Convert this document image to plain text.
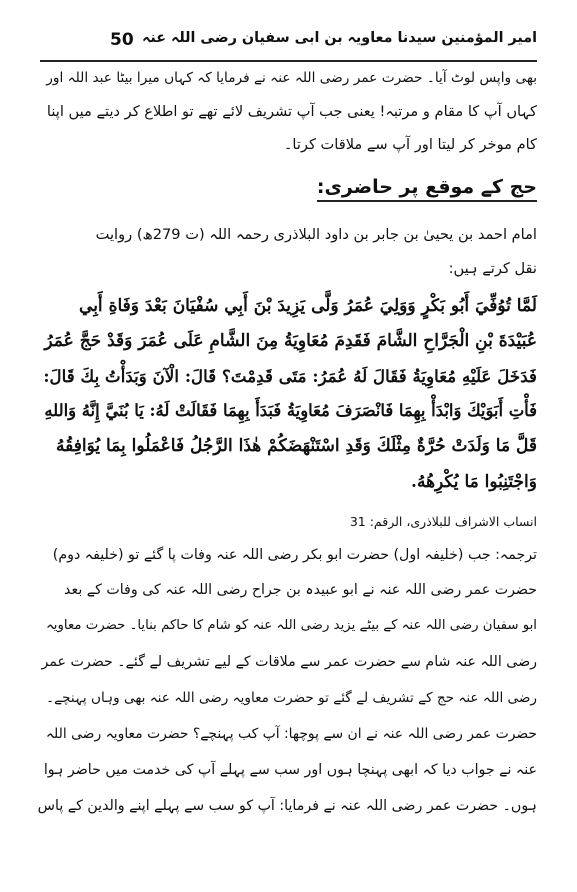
50 امیر المؤمنین سیدنا معاویہ بن ابی سفیان رضی اللہ عنہ
بھی واپس لوٹ آیا۔ حضرت عمر رضی اللہ عنہ نے فرمایا کہ کہاں میرا بیٹا عبد اللہ اور
کہاں آپ کا مقام و مرتبہ! یعنی جب آپ تشریف لائے تھے تو اطلاع کر دیتے میں اپنا
کام موخر کر لیتا اور آپ سے ملاقات کرتا۔
حج کے موقع پر حاضری:
امام احمد بن یحییٰ بن جابر بن داود البلاذری رحمہ اللہ (ت 279ھ) روایت
نقل کرتے ہیں:
لَمَّا تُوُفِّيَ أَبُو بَكْرٍ وَوَلِيَ عُمَرُ وَلَّى يَزِيدَ بْنَ أَبِي سُفْيَانَ بَعْدَ وَفَاةِ أَبِي
عُبَيْدَةَ بْنِ الْجَرَّاحِ الشَّامَ فَقَدِمَ مُعَاوِيَةُ مِنَ الشَّامِ عَلَى عُمَرَ وَقَدْ حَجَّ عُمَرُ
فَدَخَلَ عَلَيْهِ مُعَاوِيَةُ فَقَالَ لَهُ عُمَرُ: مَتَى قَدِمْتَ؟ قَالَ: الْآنَ وَبَدَأْتُ بِكَ قَالَ:
فَأْتِ أَبَوَيْكَ وَابْدَأْ بِهِمَا فَانْصَرَفَ مُعَاوِيَةُ فَبَدَأَ بِهِمَا فَقَالَتْ لَهُ: يَا بُنَيَّ إِنَّهُ وَاللهِ
قَلَّ مَا وَلَدَتْ حُرَّةٌ مِثْلَكَ وَقَدِ اسْتَنْهَضَكُمْ هٰذَا الرَّجُلُ فَاعْمَلُوا بِمَا يُوَافِقُهُ
وَاجْتَنِبُوا مَا يُكْرِهُهُ.
انساب الاشراف للبلاذری، الرقم: 31
ترجمہ: جب (خلیفہ اول) حضرت ابو بکر رضی اللہ عنہ وفات پا گئے تو (خلیفہ دوم)
حضرت عمر رضی اللہ عنہ نے ابو عبیدہ بن جراح رضی اللہ عنہ کی وفات کے بعد
ابو سفیان رضی اللہ عنہ کے بیٹے یزید رضی اللہ عنہ کو شام کا حاکم بنایا۔ حضرت معاویہ
رضی اللہ عنہ شام سے حضرت عمر سے ملاقات کے لیے تشریف لے گئے۔ حضرت عمر
رضی اللہ عنہ حج کے تشریف لے گئے تو حضرت معاویہ رضی اللہ عنہ بھی وہاں پہنچے۔
حضرت عمر رضی اللہ عنہ نے ان سے پوچھا: آپ کب پہنچے؟ حضرت معاویہ رضی اللہ
عنہ نے جواب دیا کہ ابھی پہنچا ہوں اور سب سے پہلے آپ کی خدمت میں حاضر ہوا
ہوں۔ حضرت عمر رضی اللہ عنہ نے فرمایا: آپ کو سب سے پہلے اپنے والدین کے پاس
